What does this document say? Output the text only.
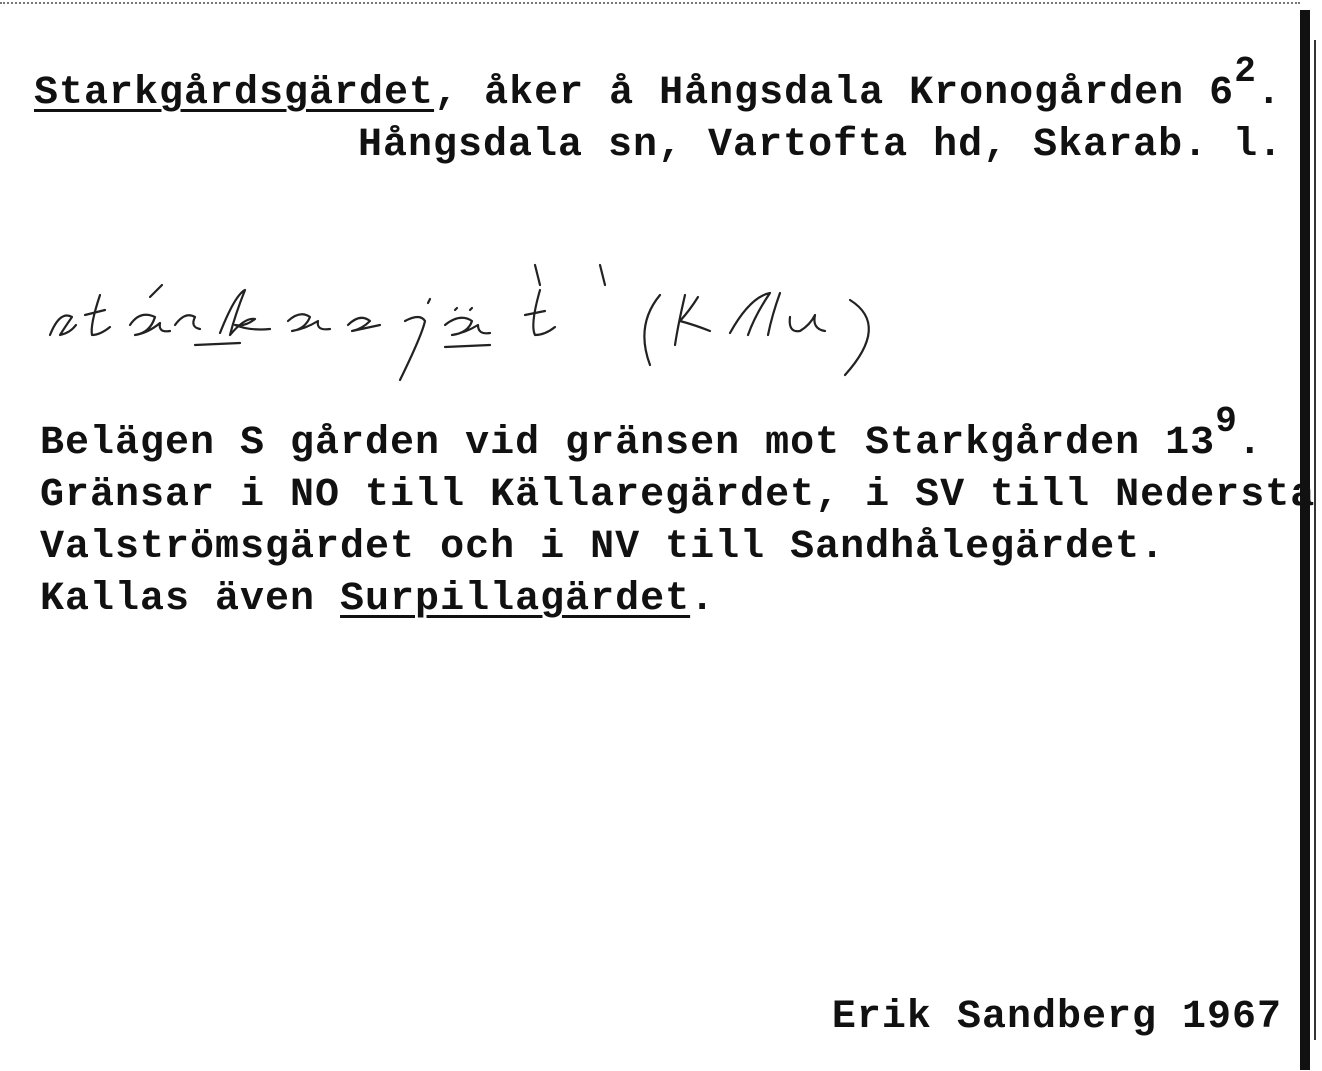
Starkgårdsgärdet, åker å Hångsdala Kronogården $6^2$.
Hångsdala sn, Vartofta hd, Skarab. l.
Belägen S gården vid gränsen mot Starkgården $13^9$.
Gränsar i NO till Källaregärdet, i SV till Nedersta
Valströmsgärdet och i NV till Sandhålegärdet.
Kallas även Surpillagärdet.
Erik Sandberg 1967
